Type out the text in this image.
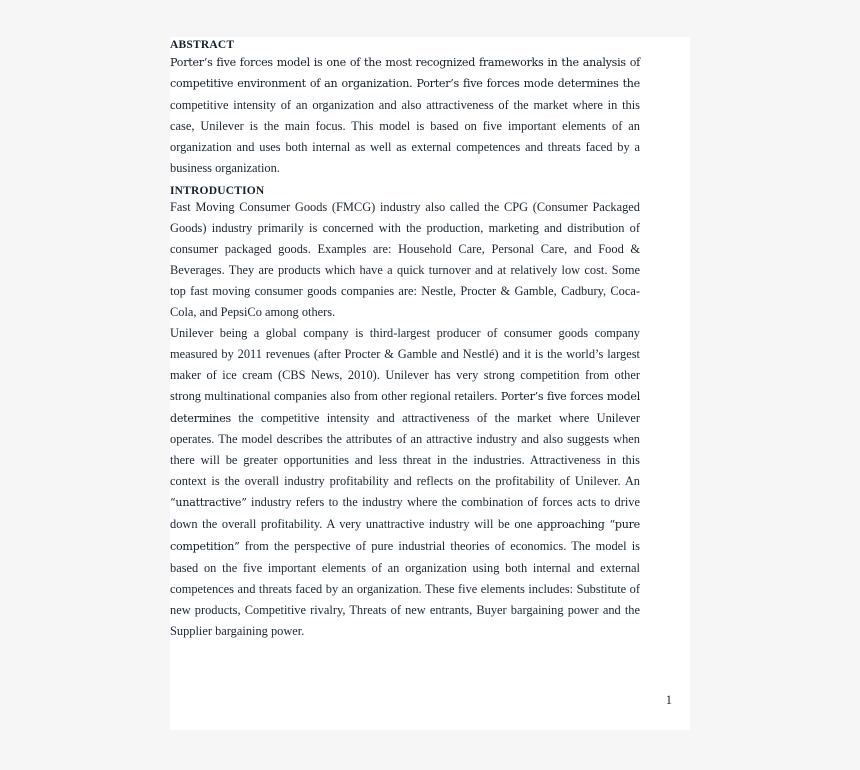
ABSTRACT

Porter’s five forces model is one of the most recognized frameworks in the analysis of competitive environment of an organization. Porter’s five forces mode determines the competitive intensity of an organization and also attractiveness of the market where in this case, Unilever is the main focus. This model is based on five important elements of an organization and uses both internal as well as external competences and threats faced by a business organization.

INTRODUCTION

Fast Moving Consumer Goods (FMCG) industry also called the CPG (Consumer Packaged Goods) industry primarily is concerned with the production, marketing and distribution of consumer packaged goods. Examples are: Household Care, Personal Care, and Food & Beverages. They are products which have a quick turnover and at relatively low cost. Some top fast moving consumer goods companies are: Nestle, Procter & Gamble, Cadbury, Coca-Cola, and PepsiCo among others.

Unilever being a global company is third-largest producer of consumer goods company measured by 2011 revenues (after Procter & Gamble and Nestlé) and it is the world’s largest maker of ice cream (CBS News, 2010). Unilever has very strong competition from other strong multinational companies also from other regional retailers. Porter’s five forces model determines the competitive intensity and attractiveness of the market where Unilever operates. The model describes the attributes of an attractive industry and also suggests when there will be greater opportunities and less threat in the industries. Attractiveness in this context is the overall industry profitability and reflects on the profitability of Unilever. An “unattractive” industry refers to the industry where the combination of forces acts to drive down the overall profitability. A very unattractive industry will be one approaching “pure competition” from the perspective of pure industrial theories of economics. The model is based on the five important elements of an organization using both internal and external competences and threats faced by an organization. These five elements includes: Substitute of new products, Competitive rivalry, Threats of new entrants, Buyer bargaining power and the Supplier bargaining power.

1
